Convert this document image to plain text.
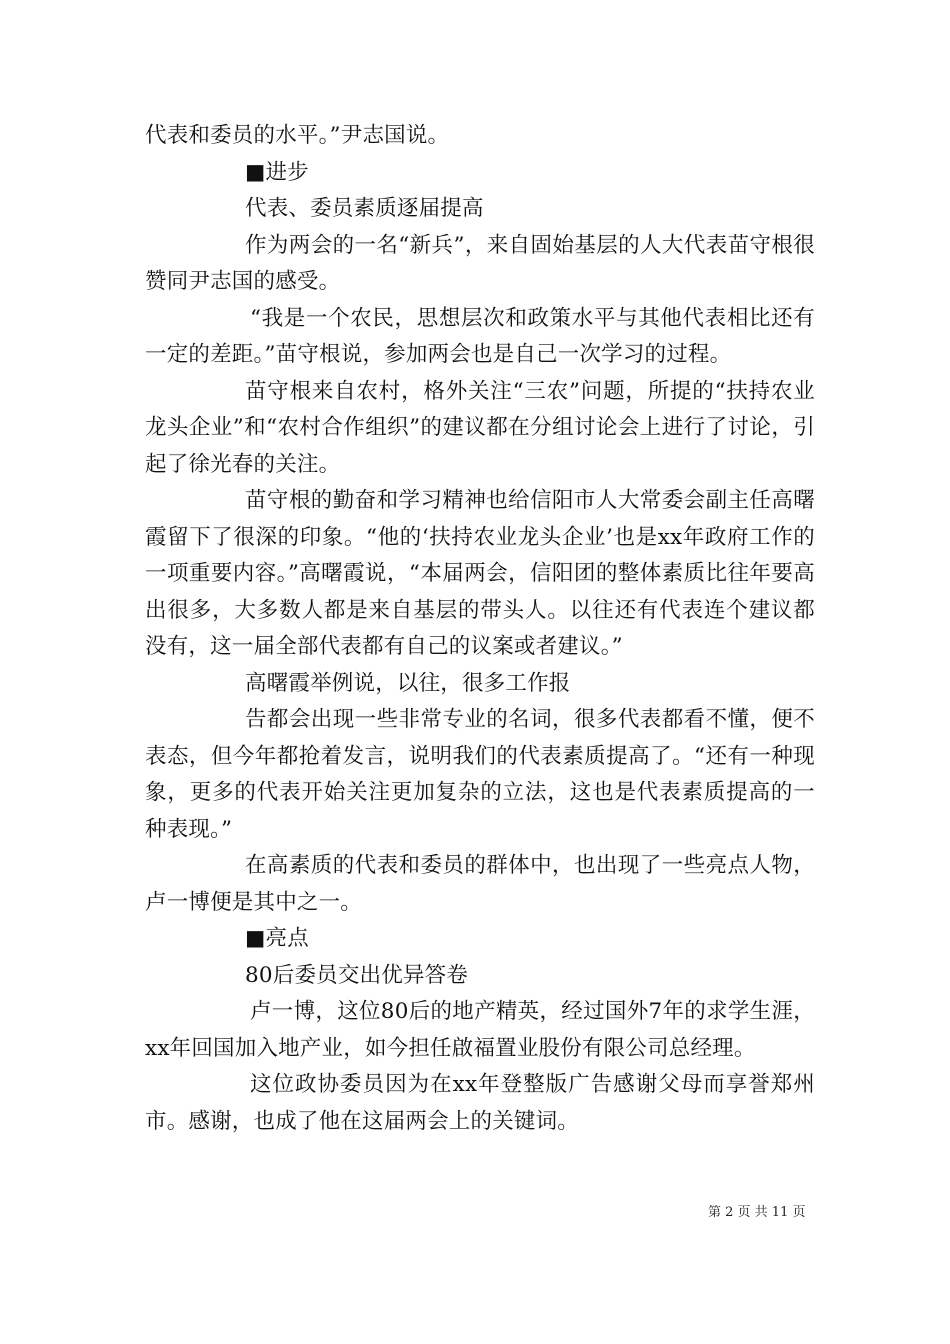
代表和委员的水平。”尹志国说。

■进步

代表、委员素质逐届提高

作为两会的一名“新兵”，来自固始基层的人大代表苗守根很赞同尹志国的感受。

“我是一个农民，思想层次和政策水平与其他代表相比还有一定的差距。”苗守根说，参加两会也是自己一次学习的过程。

苗守根来自农村，格外关注“三农”问题，所提的“扶持农业龙头企业”和“农村合作组织”的建议都在分组讨论会上进行了讨论，引起了徐光春的关注。

苗守根的勤奋和学习精神也给信阳市人大常委会副主任高曙霞留下了很深的印象。“他的‘扶持农业龙头企业’也是xx年政府工作的一项重要内容。”高曙霞说，“本届两会，信阳团的整体素质比往年要高出很多，大多数人都是来自基层的带头人。以往还有代表连个建议都没有，这一届全部代表都有自己的议案或者建议。”

高曙霞举例说，以往，很多工作报

告都会出现一些非常专业的名词，很多代表都看不懂，便不表态，但今年都抢着发言，说明我们的代表素质提高了。“还有一种现象，更多的代表开始关注更加复杂的立法，这也是代表素质提高的一种表现。”

在高素质的代表和委员的群体中，也出现了一些亮点人物，卢一博便是其中之一。

■亮点

80后委员交出优异答卷

卢一博，这位80后的地产精英，经过国外7年的求学生涯，xx年回国加入地产业，如今担任啟福置业股份有限公司总经理。

这位政协委员因为在xx年登整版广告感谢父母而享誉郑州市。感谢，也成了他在这届两会上的关键词。

第 2 页 共 11 页
